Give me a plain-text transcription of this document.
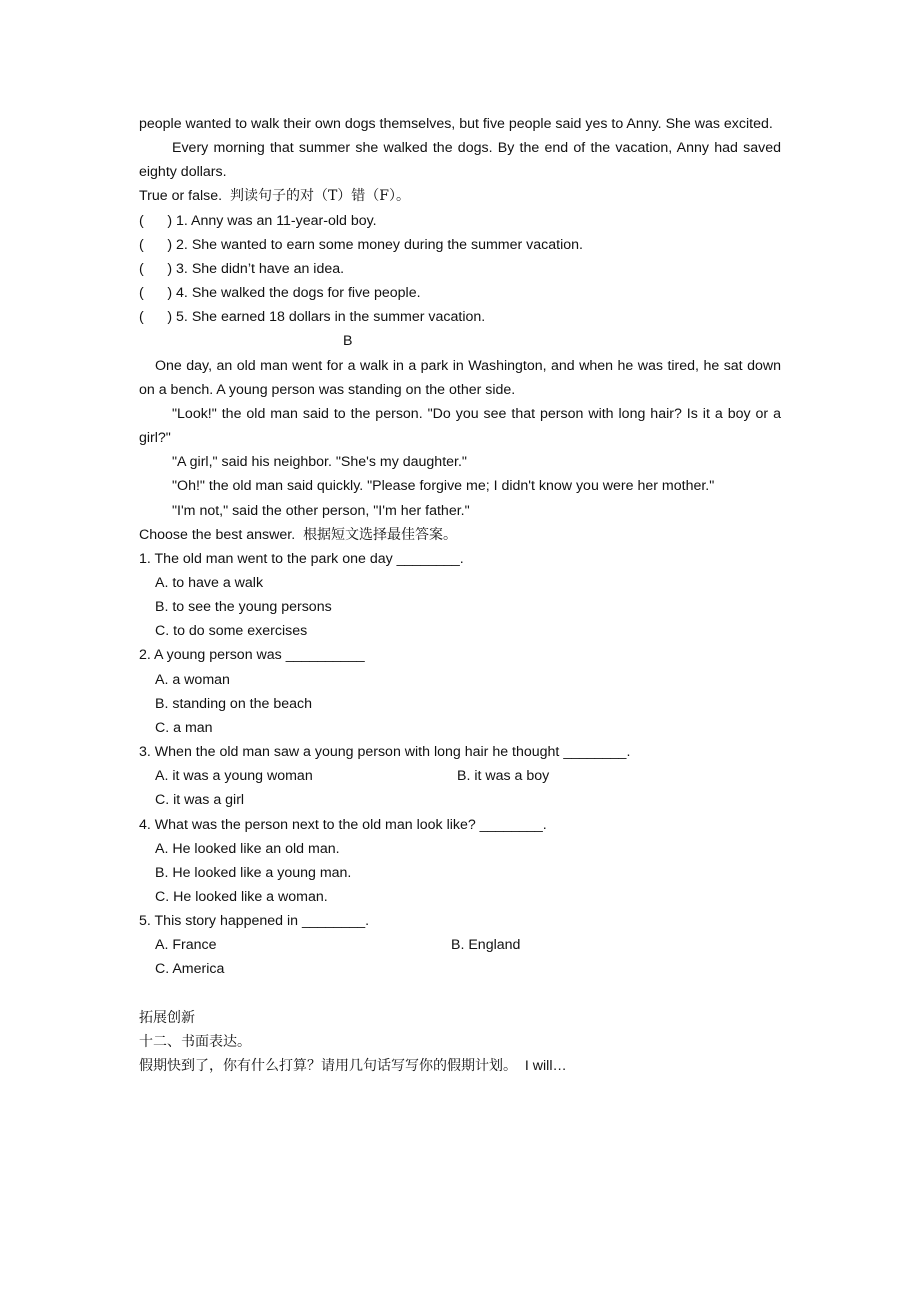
people wanted to walk their own dogs themselves, but five people said yes to Anny. She was excited.

Every morning that summer she walked the dogs. By the end of the vacation, Anny had saved eighty dollars.

True or false. 判读句子的对（T）错（F）。

(      ) 1. Anny was an 11-year-old boy.

(      ) 2. She wanted to earn some money during the summer vacation.

(      ) 3. She didn’t have an idea.

(      ) 4. She walked the dogs for five people.

(      ) 5. She earned 18 dollars in the summer vacation.

B

One day, an old man went for a walk in a park in Washington, and when he was tired, he sat down on a bench. A young person was standing on the other side.

"Look!" the old man said to the person. "Do you see that person with long hair? Is it a boy or a girl?"

"A girl," said his neighbor. "She's my daughter."

"Oh!" the old man said quickly. "Please forgive me; I didn't know you were her mother."

"I'm not," said the other person, "I'm her father."

Choose the best answer. 根据短文选择最佳答案。

1. The old man went to the park one day ________.

A. to have a walk

B. to see the young persons

C. to do some exercises

2. A young person was __________

A. a woman

B. standing on the beach

C. a man

3. When the old man saw a young person with long hair he thought ________.

A. it was a young woman	B. it was a boy

C. it was a girl

4. What was the person next to the old man look like? ________.

A. He looked like an old man.

B. He looked like a young man.

C. He looked like a woman.

5. This story happened in ________.

A. France	B. England

C. America

拓展创新

十二、书面表达。

假期快到了，你有什么打算？请用几句话写写你的假期计划。 I will…
